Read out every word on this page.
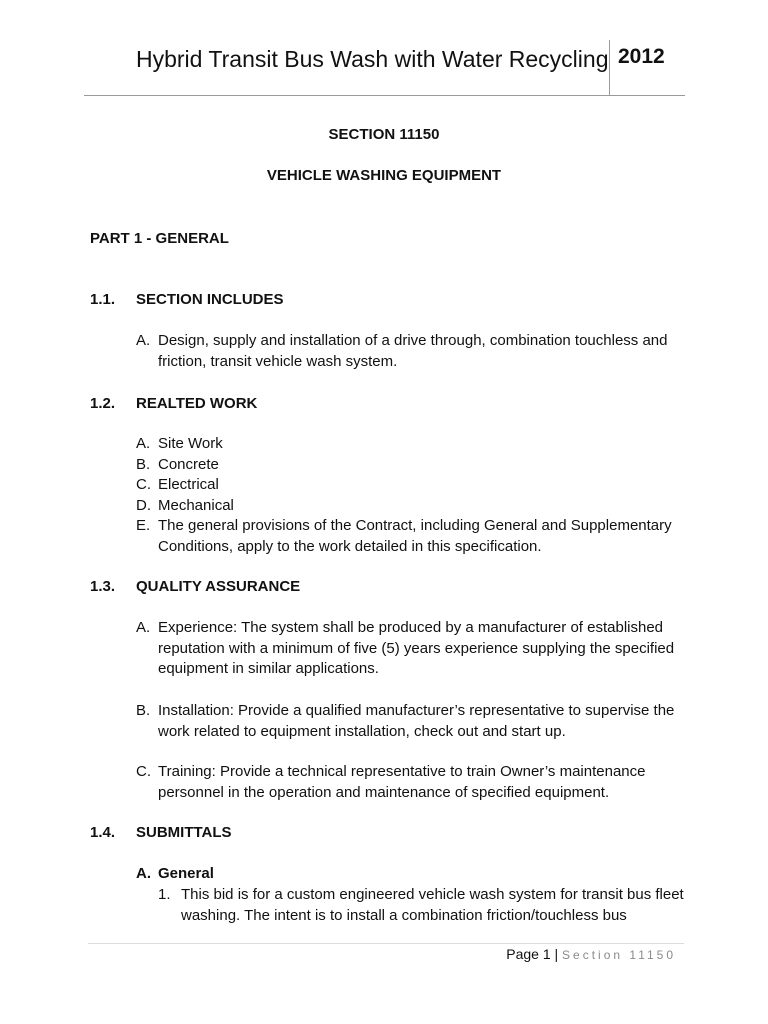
Hybrid Transit Bus Wash with Water Recycling 2012
SECTION 11150
VEHICLE WASHING EQUIPMENT
PART 1 - GENERAL
1.1. SECTION INCLUDES
A. Design, supply and installation of a drive through, combination touchless and friction, transit vehicle wash system.
1.2. REALTED WORK
A. Site Work
B. Concrete
C. Electrical
D. Mechanical
E. The general provisions of the Contract, including General and Supplementary Conditions, apply to the work detailed in this specification.
1.3. QUALITY ASSURANCE
A. Experience: The system shall be produced by a manufacturer of established reputation with a minimum of five (5) years experience supplying the specified equipment in similar applications.
B. Installation: Provide a qualified manufacturer’s representative to supervise the work related to equipment installation, check out and start up.
C. Training: Provide a technical representative to train Owner’s maintenance personnel in the operation and maintenance of specified equipment.
1.4. SUBMITTALS
A. General
1. This bid is for a custom engineered vehicle wash system for transit bus fleet washing. The intent is to install a combination friction/touchless bus
Page 1 | Section 11150
